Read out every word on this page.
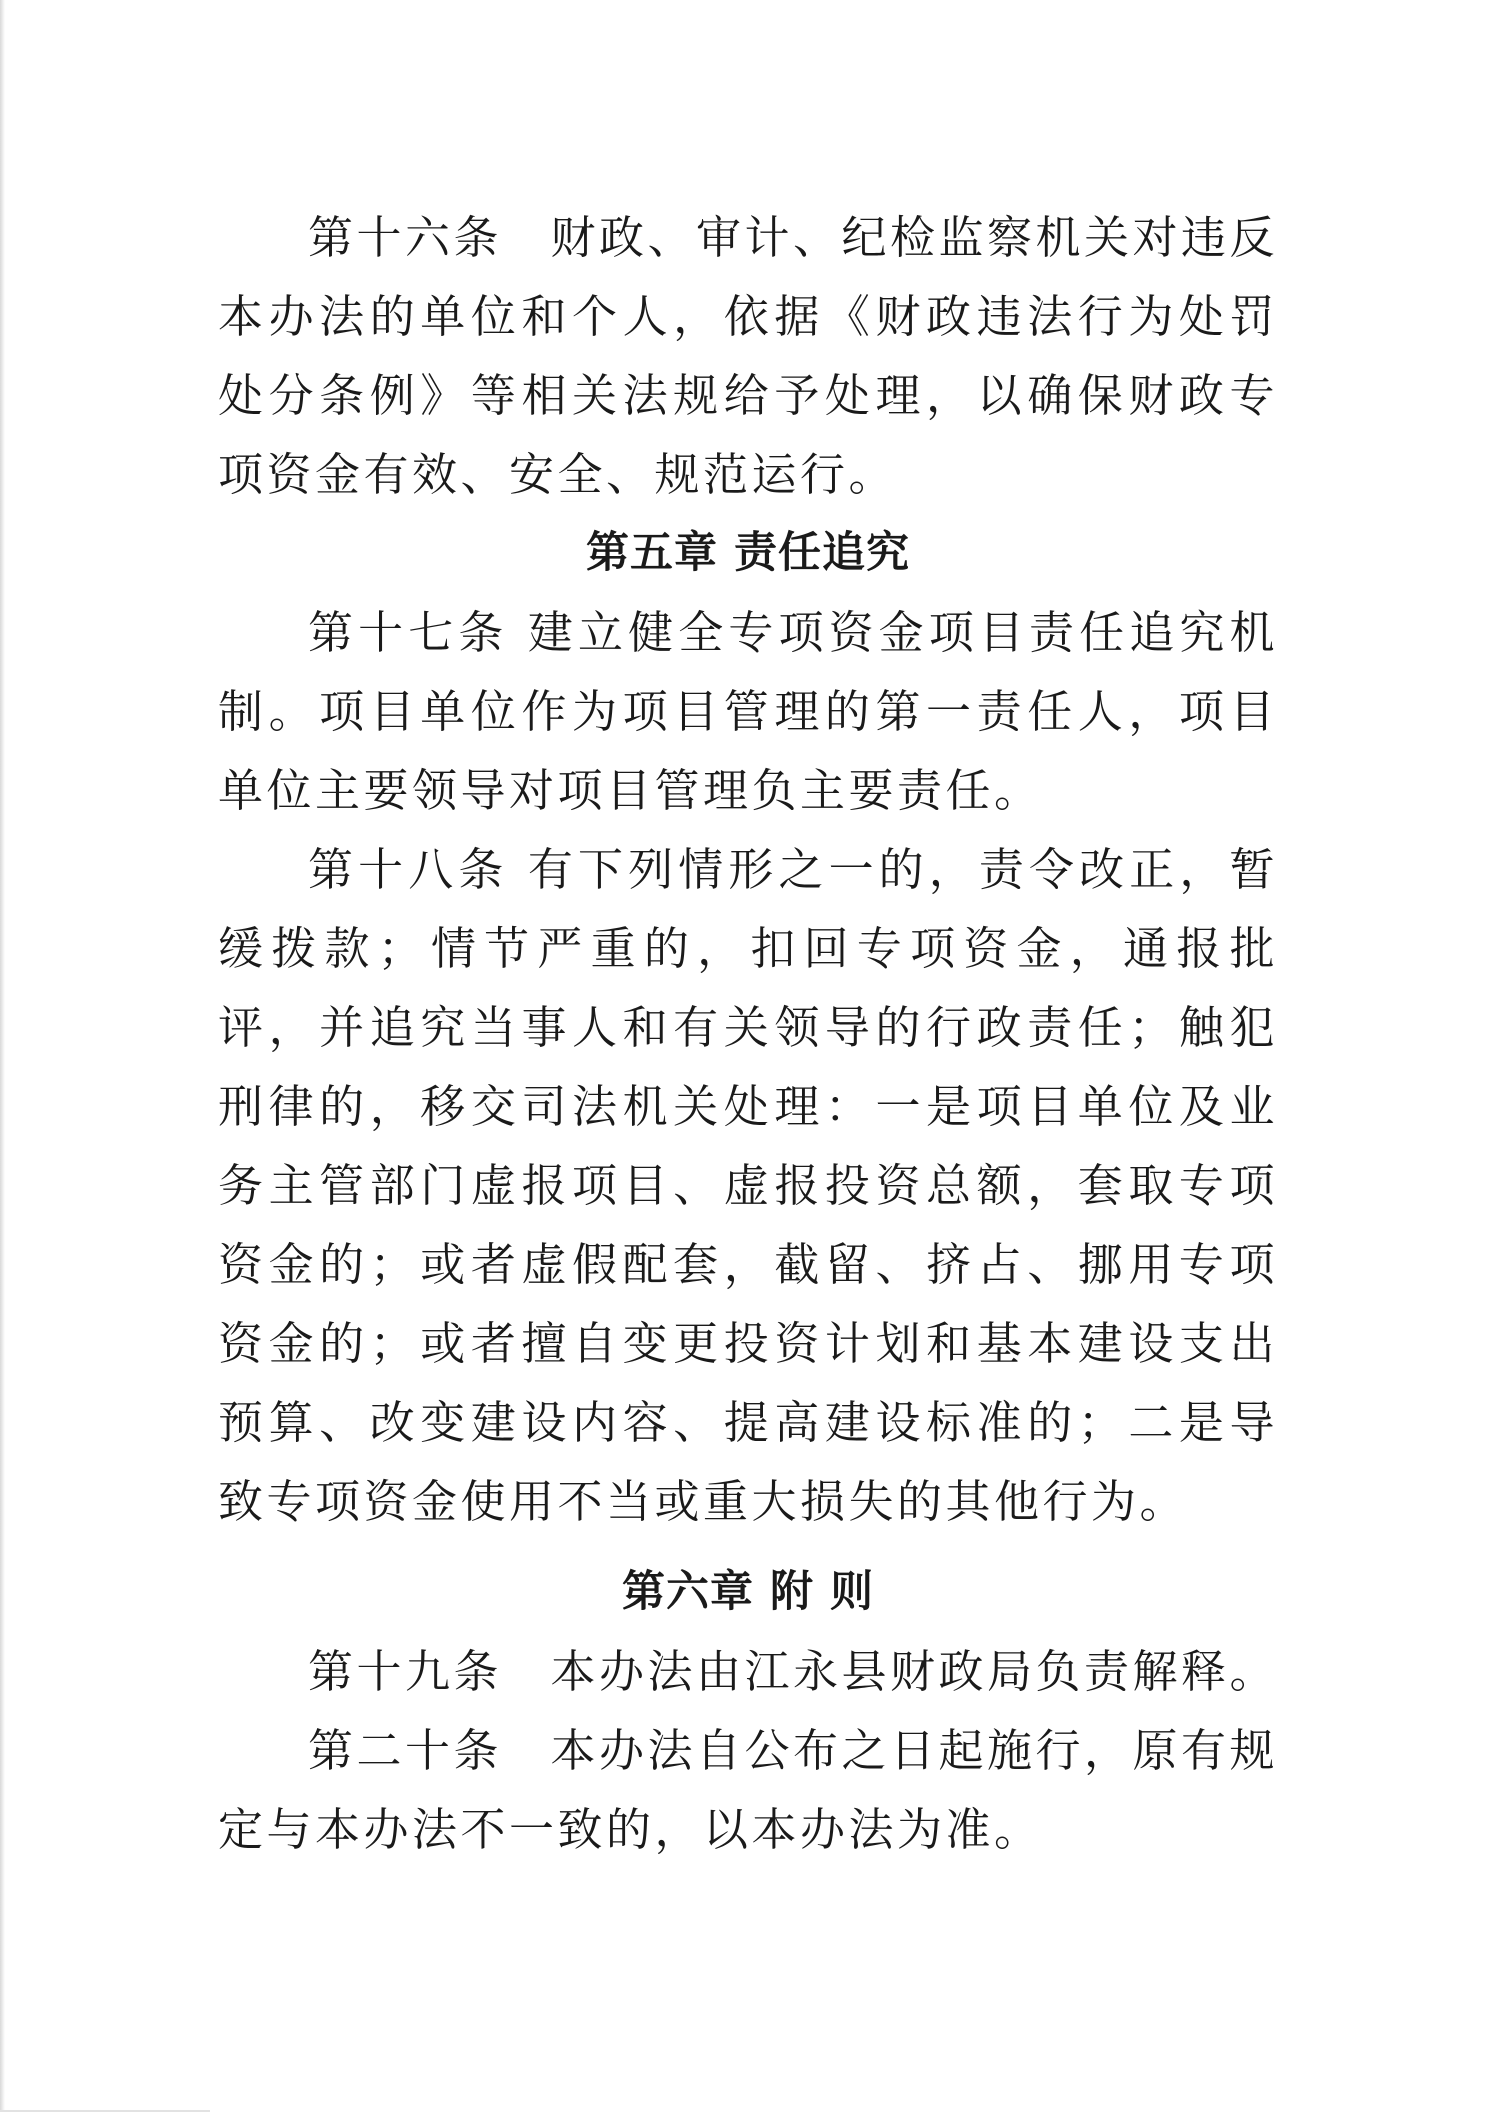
第十六条　财政、审计、纪检监察机关对违反本办法的单位和个人，依据《财政违法行为处罚处分条例》等相关法规给予处理，以确保财政专项资金有效、安全、规范运行。

第五章 责任追究

第十七条 建立健全专项资金项目责任追究机制。项目单位作为项目管理的第一责任人，项目单位主要领导对项目管理负主要责任。

第十八条 有下列情形之一的，责令改正，暂缓拨款；情节严重的，扣回专项资金，通报批评，并追究当事人和有关领导的行政责任；触犯刑律的，移交司法机关处理：一是项目单位及业务主管部门虚报项目、虚报投资总额，套取专项资金的；或者虚假配套，截留、挤占、挪用专项资金的；或者擅自变更投资计划和基本建设支出预算、改变建设内容、提高建设标准的；二是导致专项资金使用不当或重大损失的其他行为。

第六章 附 则

第十九条　本办法由江永县财政局负责解释。

第二十条　本办法自公布之日起施行，原有规定与本办法不一致的，以本办法为准。
